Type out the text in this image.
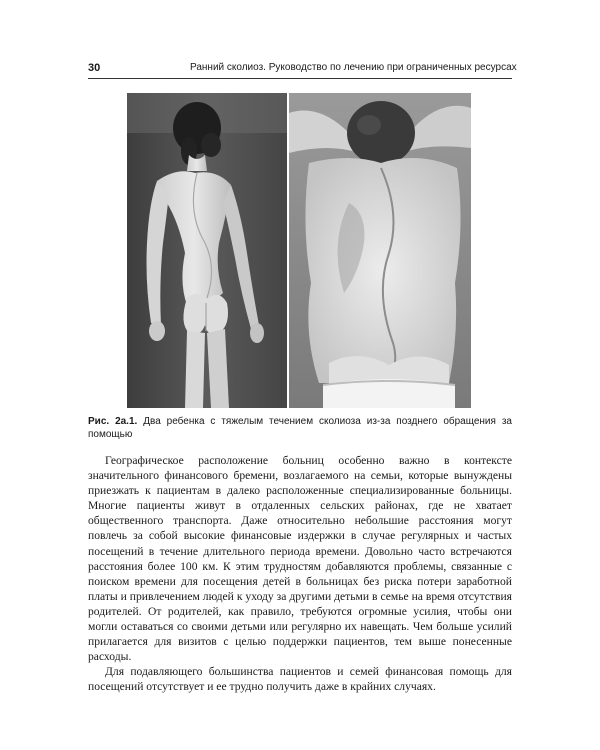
30	Ранний сколиоз. Руководство по лечению при ограниченных ресурсах
Рис. 2а.1. Два ребенка с тяжелым течением сколиоза из-за позднего обращения за помощью

Географическое расположение больниц особенно важно в контексте значительного финансового бремени, возлагаемого на семьи, которые вынуждены приезжать к пациентам в далеко расположенные специализированные больницы. Многие пациенты живут в отдаленных сельских районах, где не хватает общественного транспорта. Даже относительно небольшие расстояния могут повлечь за собой высокие финансовые издержки в случае регулярных и частых посещений в течение длительного периода времени. Довольно часто встречаются расстояния более 100 км. К этим трудностям добавляются проблемы, связанные с поиском времени для посещения детей в больницах без риска потери заработной платы и привлечением людей к уходу за другими детьми в семье на время отсутствия родителей. От родителей, как правило, требуются огромные усилия, чтобы они могли оставаться со своими детьми или регулярно их навещать. Чем больше усилий прилагается для визитов с целью поддержки пациентов, тем выше понесенные расходы.

Для подавляющего большинства пациентов и семей финансовая помощь для посещений отсутствует и ее трудно получить даже в крайних случаях.
